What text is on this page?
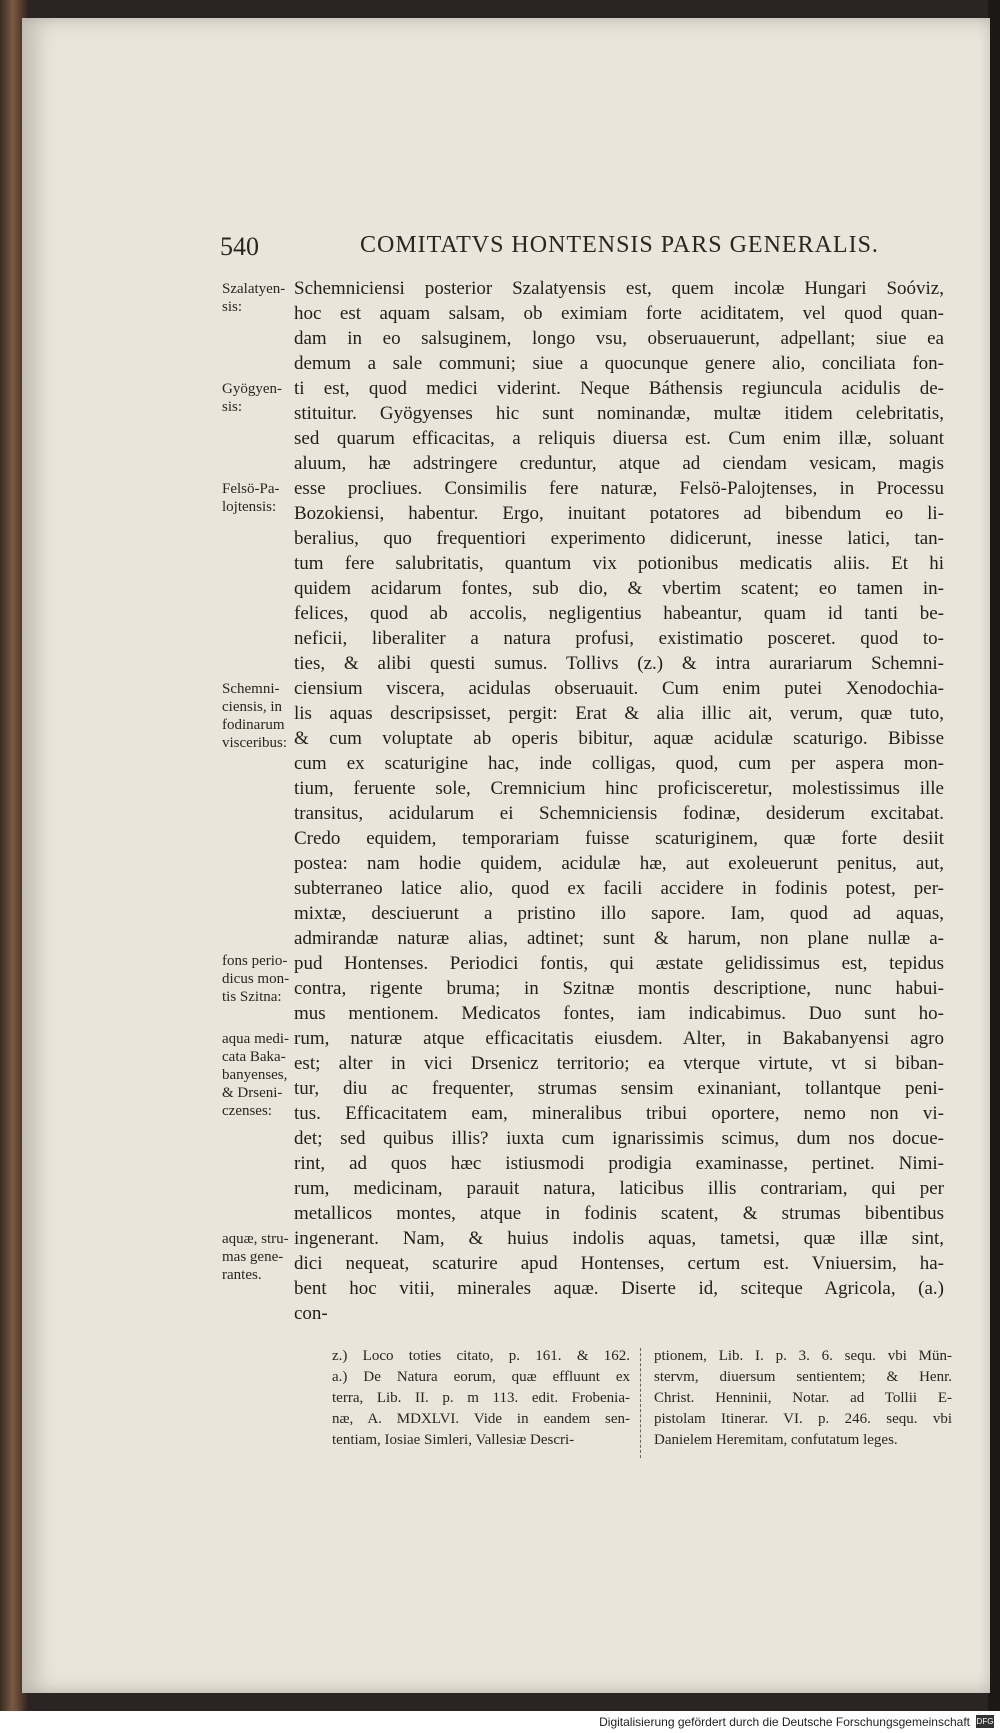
540	COMITATVS HONTENSIS PARS GENERALIS.
Szalatyen-
sis:
Gyögyen-
sis:
Felsö-Pa-
lojtensis:
Schemni-
ciensis, in
fodinarum
visceribus:
fons perio-
dicus mon-
tis Szitna:
aqua medi-
cata Baka-
banyenses,
& Drseni-
czenses:
aquæ, stru-
mas gene-
rantes.
Schemniciensi posterior Szalatyensis est, quem incolæ Hungari Soóviz,
hoc est aquam salsam, ob eximiam forte aciditatem, vel quod quan-
dam in eo salsuginem, longo vsu, obseruauerunt, adpellant; siue ea
demum a sale communi; siue a quocunque genere alio, conciliata fon-
ti est, quod medici viderint. Neque Báthensis regiuncula acidulis de-
stituitur. Gyögyenses hic sunt nominandæ, multæ itidem celebritatis,
sed quarum efficacitas, a reliquis diuersa est. Cum enim illæ, soluant
aluum, hæ adstringere creduntur, atque ad ciendam vesicam, magis
esse procliues. Consimilis fere naturæ, Felsö-Palojtenses, in Processu
Bozokiensi, habentur. Ergo, inuitant potatores ad bibendum eo li-
beralius, quo frequentiori experimento didicerunt, inesse latici, tan-
tum fere salubritatis, quantum vix potionibus medicatis aliis. Et hi
quidem acidarum fontes, sub dio, & vbertim scatent; eo tamen in-
felices, quod ab accolis, negligentius habeantur, quam id tanti be-
neficii, liberaliter a natura profusi, existimatio posceret. quod to-
ties, & alibi questi sumus. Tollivs (z.) & intra aurariarum Schemni-
ciensium viscera, acidulas obseruauit. Cum enim putei Xenodochia-
lis aquas descripsisset, pergit: Erat & alia illic ait, verum, quæ tuto,
& cum voluptate ab operis bibitur, aquæ acidulæ scaturigo. Bibisse
cum ex scaturigine hac, inde colligas, quod, cum per aspera mon-
tium, feruente sole, Cremnicium hinc proficisceretur, molestissimus ille
transitus, acidularum ei Schemniciensis fodinæ, desiderum excitabat.
Credo equidem, temporariam fuisse scaturiginem, quæ forte desiit
postea: nam hodie quidem, acidulæ hæ, aut exoleuerunt penitus, aut,
subterraneo latice alio, quod ex facili accidere in fodinis potest, per-
mixtæ, desciuerunt a pristino illo sapore. Iam, quod ad aquas,
admirandæ naturæ alias, adtinet; sunt & harum, non plane nullæ a-
pud Hontenses. Periodici fontis, qui æstate gelidissimus est, tepidus
contra, rigente bruma; in Szitnæ montis descriptione, nunc habui-
mus mentionem. Medicatos fontes, iam indicabimus. Duo sunt ho-
rum, naturæ atque efficacitatis eiusdem. Alter, in Bakabanyensi agro
est; alter in vici Drsenicz territorio; ea vterque virtute, vt si biban-
tur, diu ac frequenter, strumas sensim exinaniant, tollantque peni-
tus. Efficacitatem eam, mineralibus tribui oportere, nemo non vi-
det; sed quibus illis? iuxta cum ignarissimis scimus, dum nos docue-
rint, ad quos hæc istiusmodi prodigia examinasse, pertinet. Nimi-
rum, medicinam, parauit natura, laticibus illis contrariam, qui per
metallicos montes, atque in fodinis scatent, & strumas bibentibus
ingenerant. Nam, & huius indolis aquas, tametsi, quæ illæ sint,
dici nequeat, scaturire apud Hontenses, certum est. Vniuersim, ha-
bent hoc vitii, minerales aquæ. Diserte id, sciteque Agricola, (a.)
con-
z.) Loco toties citato, p. 161. & 162.
a.) De Natura eorum, quæ effluunt ex
terra, Lib. II. p. m 113. edit. Frobenia-
næ, A. MDXLVI. Vide in eandem sen-
tentiam, Iosiae Simleri, Vallesiæ Descri-
ptionem, Lib. I. p. 3. 6. sequ. vbi Mün-
stervm, diuersum sentientem; & Henr.
Christ. Henninii, Notar. ad Tollii E-
pistolam Itinerar. VI. p. 246. sequ. vbi
Danielem Heremitam, confutatum leges.
Digitalisierung gefördert durch die Deutsche Forschungsgemeinschaft DFG
